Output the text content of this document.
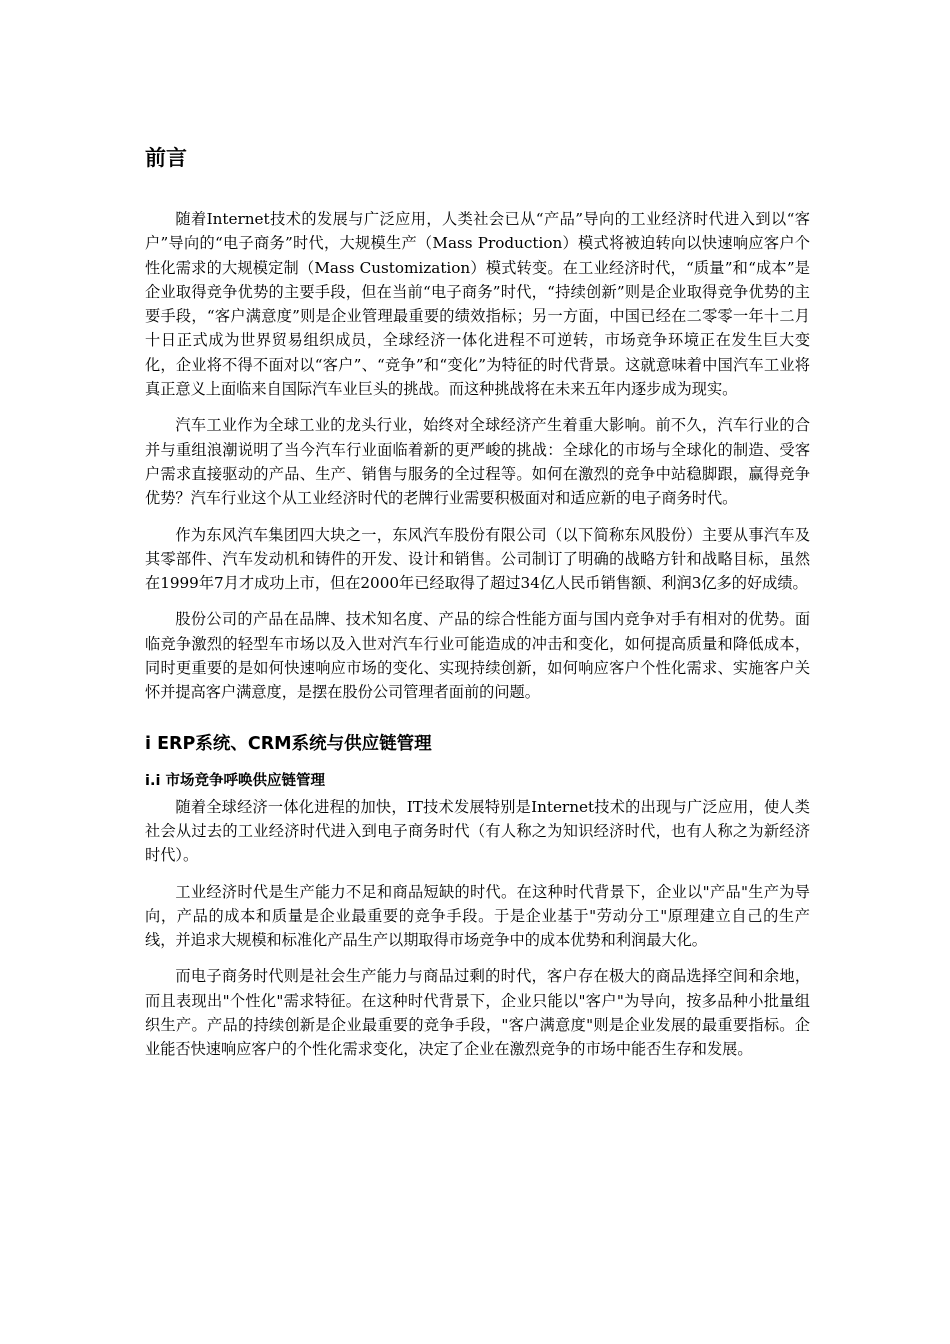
前言

随着Internet技术的发展与广泛应用，人类社会已从“产品”导向的工业经济时代进入到以“客户”导向的“电子商务”时代，大规模生产（Mass Production）模式将被迫转向以快速响应客户个性化需求的大规模定制（Mass Customization）模式转变。在工业经济时代，“质量”和“成本”是企业取得竞争优势的主要手段，但在当前“电子商务”时代，“持续创新”则是企业取得竞争优势的主要手段，“客户满意度”则是企业管理最重要的绩效指标；另一方面，中国已经在二零零一年十二月十日正式成为世界贸易组织成员，全球经济一体化进程不可逆转，市场竞争环境正在发生巨大变化，企业将不得不面对以“客户”、“竞争”和“变化”为特征的时代背景。这就意味着中国汽车工业将真正意义上面临来自国际汽车业巨头的挑战。而这种挑战将在未来五年内逐步成为现实。

汽车工业作为全球工业的龙头行业，始终对全球经济产生着重大影响。前不久，汽车行业的合并与重组浪潮说明了当今汽车行业面临着新的更严峻的挑战：全球化的市场与全球化的制造、受客户需求直接驱动的产品、生产、销售与服务的全过程等。如何在激烈的竞争中站稳脚跟，赢得竞争优势？汽车行业这个从工业经济时代的老牌行业需要积极面对和适应新的电子商务时代。

作为东风汽车集团四大块之一，东风汽车股份有限公司（以下简称东风股份）主要从事汽车及其零部件、汽车发动机和铸件的开发、设计和销售。公司制订了明确的战略方针和战略目标，虽然在1999年7月才成功上市，但在2000年已经取得了超过34亿人民币销售额、利润3亿多的好成绩。

股份公司的产品在品牌、技术知名度、产品的综合性能方面与国内竞争对手有相对的优势。面临竞争激烈的轻型车市场以及入世对汽车行业可能造成的冲击和变化，如何提高质量和降低成本，同时更重要的是如何快速响应市场的变化、实现持续创新，如何响应客户个性化需求、实施客户关怀并提高客户满意度，是摆在股份公司管理者面前的问题。

i ERP系统、CRM系统与供应链管理
i.i 市场竞争呼唤供应链管理

随着全球经济一体化进程的加快，IT技术发展特别是Internet技术的出现与广泛应用，使人类社会从过去的工业经济时代进入到电子商务时代（有人称之为知识经济时代，也有人称之为新经济时代）。

工业经济时代是生产能力不足和商品短缺的时代。在这种时代背景下，企业以"产品"生产为导向，产品的成本和质量是企业最重要的竞争手段。于是企业基于"劳动分工"原理建立自己的生产线，并追求大规模和标准化产品生产以期取得市场竞争中的成本优势和利润最大化。

而电子商务时代则是社会生产能力与商品过剩的时代，客户存在极大的商品选择空间和余地，而且表现出"个性化"需求特征。在这种时代背景下，企业只能以"客户"为导向，按多品种小批量组织生产。产品的持续创新是企业最重要的竞争手段，"客户满意度"则是企业发展的最重要指标。企业能否快速响应客户的个性化需求变化，决定了企业在激烈竞争的市场中能否生存和发展。
